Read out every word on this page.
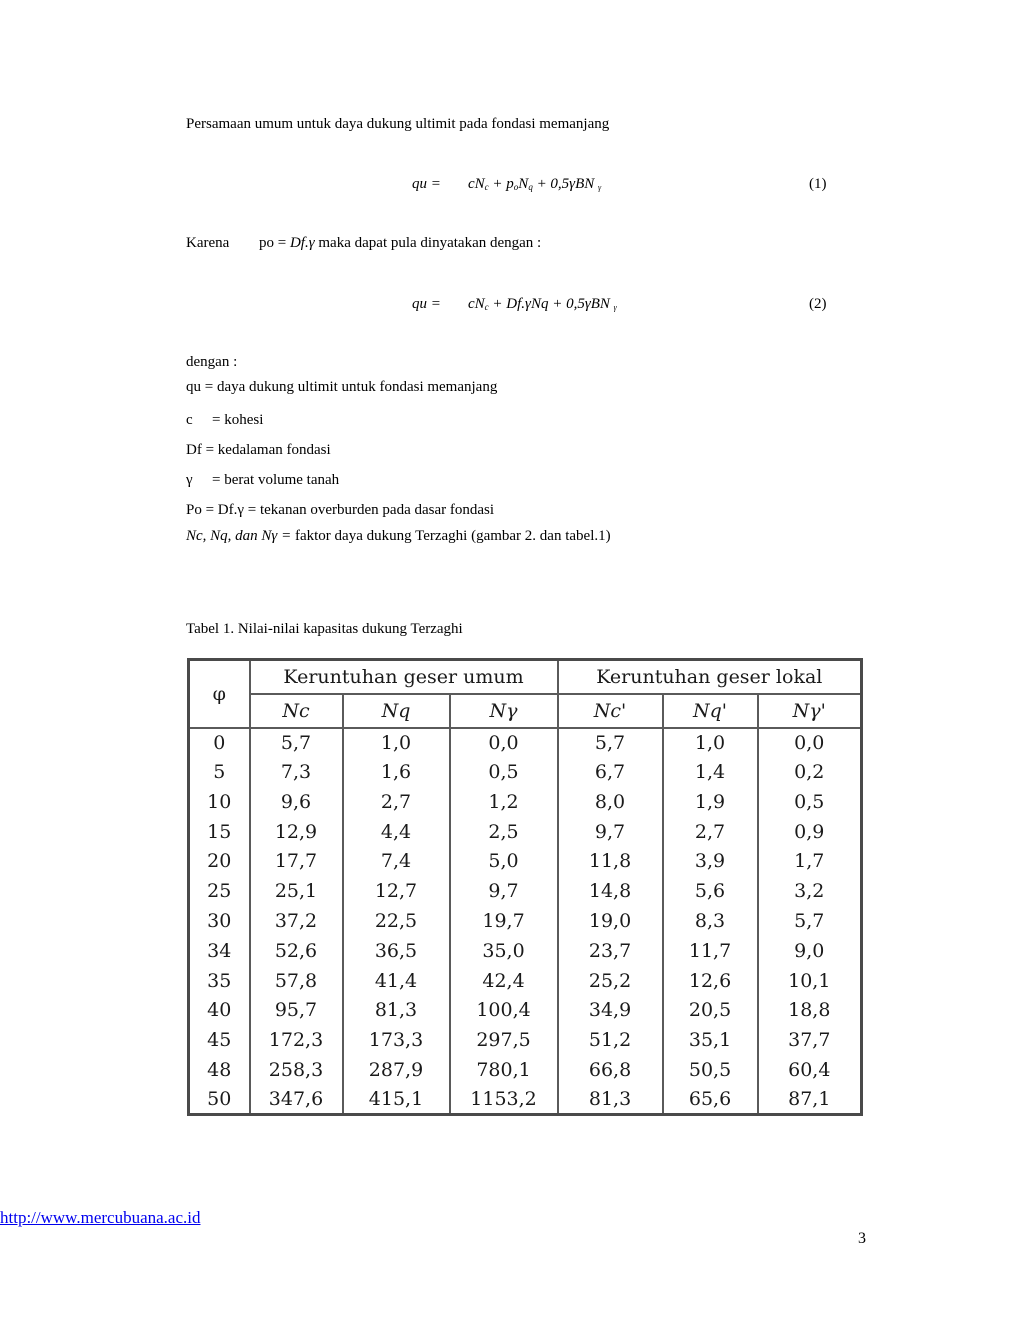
Persamaan umum untuk daya dukung ultimit pada fondasi memanjang
qu = $cN_c + p_oN_q + 0,5\gamma BN$ γ	(1)
Karena po = Df.γ maka dapat pula dinyatakan dengan :
qu = $cN_c + Df.\gamma Nq + 0,5\gamma BN$ γ	(2)
dengan :
qu = daya dukung ultimit untuk fondasi memanjang
c = kohesi
Df = kedalaman fondasi
γ = berat volume tanah
Po = Df.γ = tekanan overburden pada dasar fondasi
Nc, Nq, dan Nγ = faktor daya dukung Terzaghi (gambar 2. dan tabel.1)
Tabel 1. Nilai-nilai kapasitas dukung Terzaghi
φ	Keruntuhan geser umum			Keruntuhan geser lokal		
	Nc	Nq	Nγ	Nc'	Nq'	Nγ'
0	5,7	1,0	0,0	5,7	1,0	0,0
5	7,3	1,6	0,5	6,7	1,4	0,2
10	9,6	2,7	1,2	8,0	1,9	0,5
15	12,9	4,4	2,5	9,7	2,7	0,9
20	17,7	7,4	5,0	11,8	3,9	1,7
25	25,1	12,7	9,7	14,8	5,6	3,2
30	37,2	22,5	19,7	19,0	8,3	5,7
34	52,6	36,5	35,0	23,7	11,7	9,0
35	57,8	41,4	42,4	25,2	12,6	10,1
40	95,7	81,3	100,4	34,9	20,5	18,8
45	172,3	173,3	297,5	51,2	35,1	37,7
48	258,3	287,9	780,1	66,8	50,5	60,4
50	347,6	415,1	1153,2	81,3	65,6	87,1
http://www.mercubuana.ac.id
3
